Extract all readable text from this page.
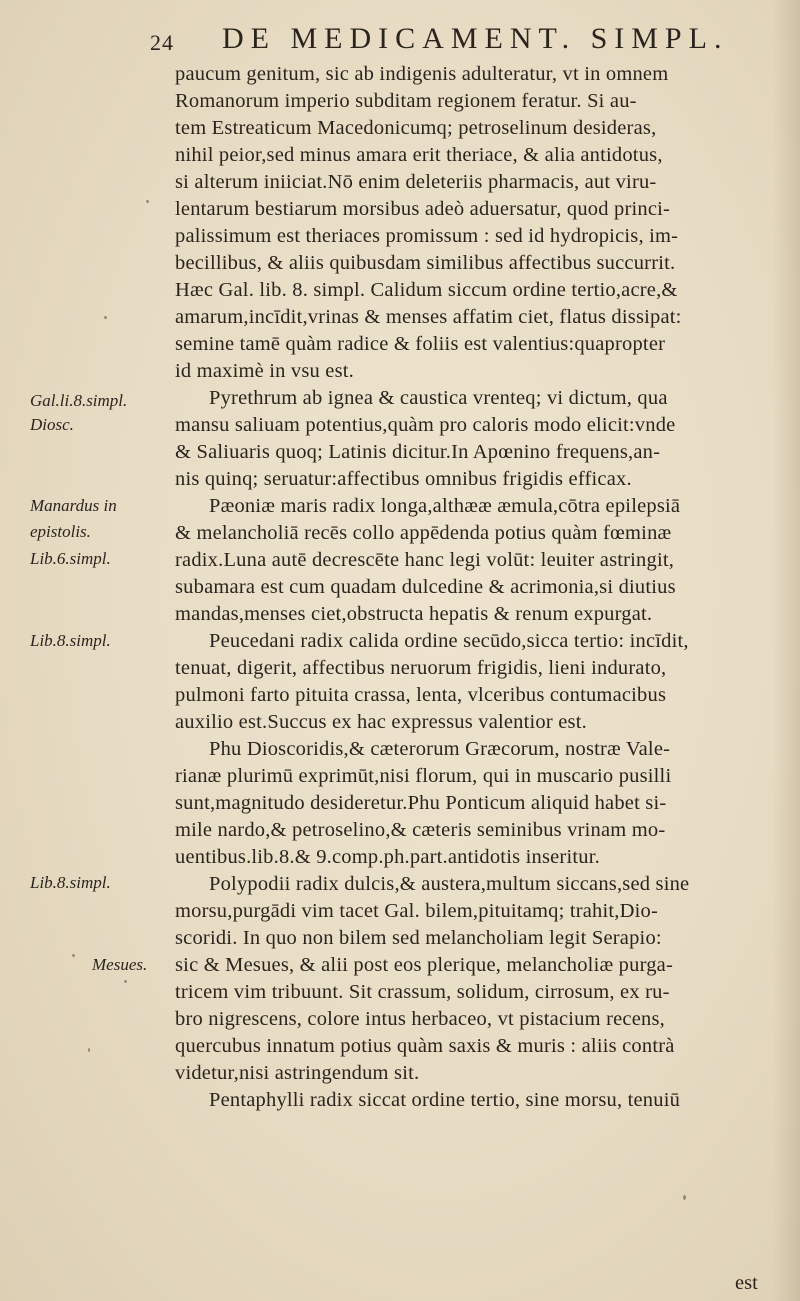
24 DE MEDICAMENT. SIMPL.
paucum genitum, sic ab indigenis adulteratur, vt in omnem
Romanorum imperio subditam regionem feratur. Si au-
tem Estreaticum Macedonicumq; petroselinum desideras,
nihil peior,sed minus amara erit theriace, & alia antidotus,
si alterum iniiciat.Nō enim deleteriis pharmacis, aut viru-
lentarum bestiarum morsibus adeò aduersatur, quod princi-
palissimum est theriaces promissum : sed id hydropicis, im-
becillibus, & aliis quibusdam similibus affectibus succurrit.
Hæc Gal. lib. 8. simpl. Calidum siccum ordine tertio,acre,&
amarum,incīdit,vrinas & menses affatim ciet, flatus dissipat:
semine tamē quàm radice & foliis est valentius:quapropter
id maximè in vsu est.
Pyrethrum ab ignea & caustica vrenteq; vi dictum, qua
mansu saliuam potentius,quàm pro caloris modo elicit:vnde
& Saliuaris quoq; Latinis dicitur.In Apœnino frequens,an-
nis quinq; seruatur:affectibus omnibus frigidis efficax.
Pæoniæ maris radix longa,althææ æmula,cōtra epilepsiā
& melancholiā recēs collo appēdenda potius quàm fœminæ
radix.Luna autē decrescēte hanc legi volūt: leuiter astringit,
subamara est cum quadam dulcedine & acrimonia,si diutius
mandas,menses ciet,obstructa hepatis & renum expurgat.
Peucedani radix calida ordine secūdo,sicca tertio: incīdit,
tenuat, digerit, affectibus neruorum frigidis, lieni indurato,
pulmoni farto pituita crassa, lenta, vlceribus contumacibus
auxilio est.Succus ex hac expressus valentior est.
Phu Dioscoridis,& cæterorum Græcorum, nostræ Vale-
rianæ plurimū exprimūt,nisi florum, qui in muscario pusilli
sunt,magnitudo desideretur.Phu Ponticum aliquid habet si-
mile nardo,& petroselino,& cæteris seminibus vrinam mo-
uentibus.lib.8.& 9.comp.ph.part.antidotis inseritur.
Polypodii radix dulcis,& austera,multum siccans,sed sine
morsu,purgādi vim tacet Gal. bilem,pituitamq; trahit,Dio-
scoridi. In quo non bilem sed melancholiam legit Serapio:
sic & Mesues, & alii post eos plerique, melancholiæ purga-
tricem vim tribuunt. Sit crassum, solidum, cirrosum, ex ru-
bro nigrescens, colore intus herbaceo, vt pistacium recens,
quercubus innatum potius quàm saxis & muris : aliis contrà
videtur,nisi astringendum sit.
Pentaphylli radix siccat ordine tertio, sine morsu, tenuiū
Gal.li.8.simpl.
Diosc.
Manardus in
epistolis.
Lib.6.simpl.
Lib.8.simpl.
Lib.8.simpl.
Mesues.
est
